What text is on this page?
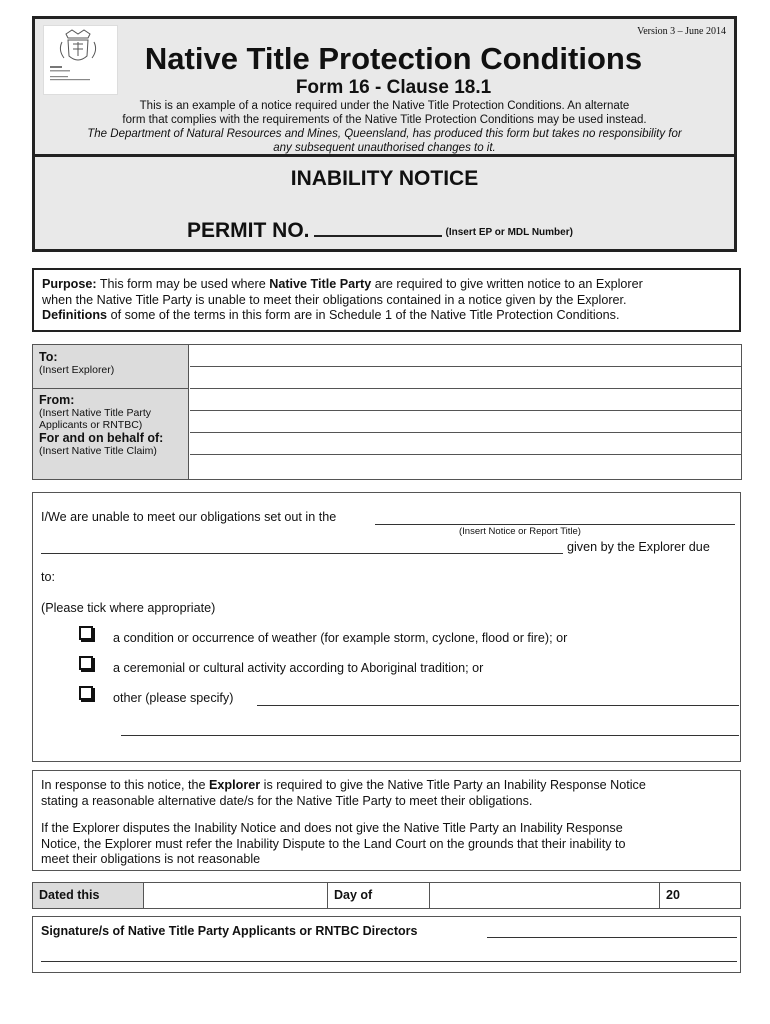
Version 3 – June 2014
Native Title Protection Conditions
Form 16 - Clause 18.1
This is an example of a notice required under the Native Title Protection Conditions. An alternate
form that complies with the requirements of the Native Title Protection Conditions may be used instead.
The Department of Natural Resources and Mines, Queensland, has produced this form but takes no responsibility for
any subsequent unauthorised changes to it.
INABILITY NOTICE
PERMIT NO.	(Insert EP or MDL Number)
Purpose: This form may be used where Native Title Party are required to give written notice to an Explorer
when the Native Title Party is unable to meet their obligations contained in a notice given by the Explorer.
Definitions of some of the terms in this form are in Schedule 1 of the Native Title Protection Conditions.
To:
(Insert Explorer)
From:
(Insert Native Title Party
Applicants or RNTBC)
For and on behalf of:
(Insert Native Title Claim)
I/We are unable to meet our obligations set out in the
(Insert Notice or Report Title)
given by the Explorer due
to:
(Please tick where appropriate)
a condition or occurrence of weather (for example storm, cyclone, flood or fire); or
a ceremonial or cultural activity according to Aboriginal tradition; or
other (please specify)

In response to this notice, the Explorer is required to give the Native Title Party an Inability Response Notice
stating a reasonable alternative date/s for the Native Title Party to meet their obligations.

If the Explorer disputes the Inability Notice and does not give the Native Title Party an Inability Response
Notice, the Explorer must refer the Inability Dispute to the Land Court on the grounds that their inability to
meet their obligations is not reasonable

Dated this	Day of	20
Signature/s of Native Title Party Applicants or RNTBC Directors
